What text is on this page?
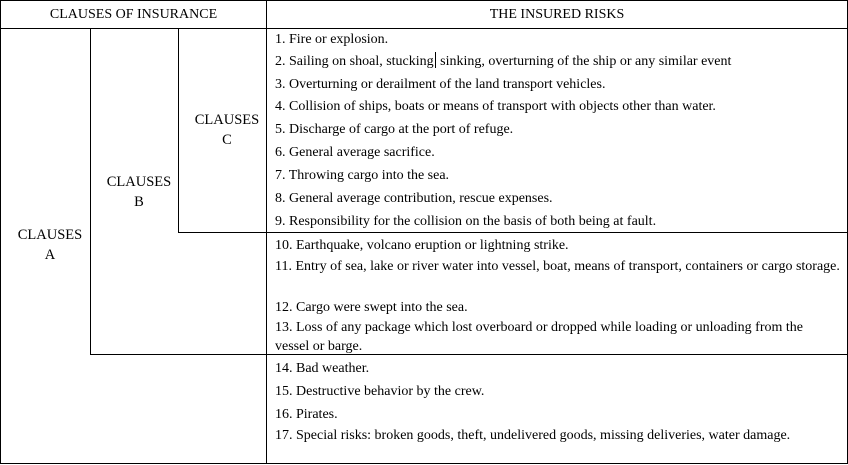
CLAUSES OF INSURANCE	THE INSURED RISKS
CLAUSES
A
CLAUSES
B
CLAUSES
C
1. Fire or explosion.
2. Sailing on shoal, stucking sinking, overturning of the ship or any similar event
3. Overturning or derailment of the land transport vehicles.
4. Collision of ships, boats or means of transport with objects other than water.
5. Discharge of cargo at the port of refuge.
6. General average sacrifice.
7. Throwing cargo into the sea.
8. General average contribution, rescue expenses.
9. Responsibility for the collision on the basis of both being at fault.
10. Earthquake, volcano eruption or lightning strike.
11. Entry of sea, lake or river water into vessel, boat, means of transport, containers or cargo storage.
12. Cargo were swept into the sea.
13. Loss of any package which lost overboard or dropped while loading or unloading from the vessel or barge.
14. Bad weather.
15. Destructive behavior by the crew.
16. Pirates.
17. Special risks: broken goods, theft, undelivered goods, missing deliveries, water damage.
